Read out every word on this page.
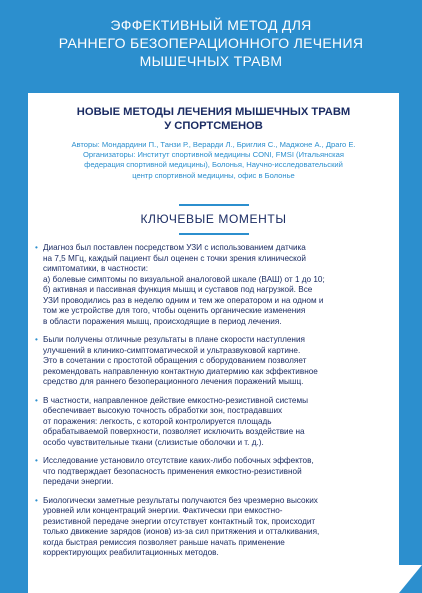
ЭФФЕКТИВНЫЙ МЕТОД ДЛЯ
РАННЕГО БЕЗОПЕРАЦИОННОГО ЛЕЧЕНИЯ
МЫШЕЧНЫХ ТРАВМ
НОВЫЕ МЕТОДЫ ЛЕЧЕНИЯ МЫШЕЧНЫХ ТРАВМ
У СПОРТСМЕНОВ
Авторы: Мондардини П., Танзи Р., Верарди Л., Бриглия С., Маджоне А., Драго Е.
Организаторы: Институт спортивной медицины CONI, FMSI (Итальянская
федерация спортивной медицины), Болонья, Научно-исследовательский
центр спортивной медицины, офис в Болонье
КЛЮЧЕВЫЕ МОМЕНТЫ
• Диагноз был поставлен посредством УЗИ с использованием датчика
на 7,5 МГц, каждый пациент был оценен с точки зрения клинической
симптоматики, в частности:
а) болевые симптомы по визуальной аналоговой шкале (ВАШ) от 1 до 10;
б) активная и пассивная функция мышц и суставов под нагрузкой. Все
УЗИ проводились раз в неделю одним и тем же оператором и на одном и
том же устройстве для того, чтобы оценить органические изменения
в области поражения мышц, происходящие в период лечения.
• Были получены отличные результаты в плане скорости наступления
улучшений в клинико-симптоматической и ультразвуковой картине.
Это в сочетании с простотой обращения с оборудованием позволяет
рекомендовать направленную контактную диатермию как эффективное
средство для раннего безоперационного лечения поражений мышц.
• В частности, направленное действие емкостно-резистивной системы
обеспечивает высокую точность обработки зон, пострадавших
от поражения: легкость, с которой контролируется площадь
обрабатываемой поверхности, позволяет исключить воздействие на
особо чувствительные ткани (слизистые оболочки и т. д.).
• Исследование установило отсутствие каких-либо побочных эффектов,
что подтверждает безопасность применения емкостно-резистивной
передачи энергии.
• Биологически заметные результаты получаются без чрезмерно высоких
уровней или концентраций энергии. Фактически при емкостно-
резистивной передаче энергии отсутствует контактный ток, происходит
только движение зарядов (ионов) из-за сил притяжения и отталкивания,
когда быстрая ремиссия позволяет раньше начать применение
корректирующих реабилитационных методов.
